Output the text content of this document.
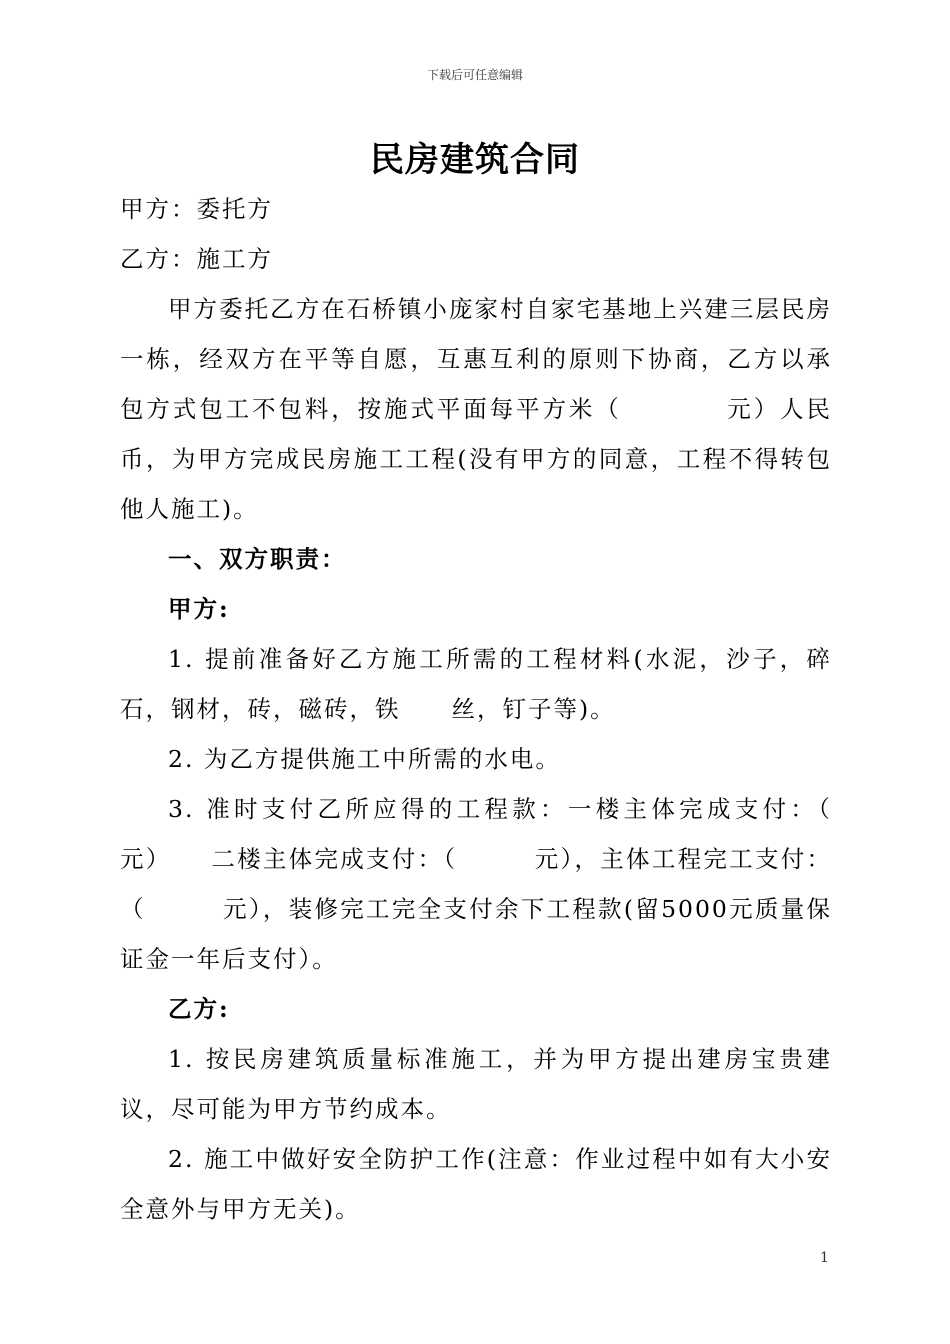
下载后可任意编辑
民房建筑合同

甲方：委托方

乙方：施工方

甲方委托乙方在石桥镇小庞家村自家宅基地上兴建三层民房一栋，经双方在平等自愿，互惠互利的原则下协商，乙方以承包方式包工不包料，按施式平面每平方米（　　　　元）人民币，为甲方完成民房施工工程(没有甲方的同意，工程不得转包他人施工)。

一、双方职责：

甲方:

1. 提前准备好乙方施工所需的工程材料(水泥，沙子，碎石，钢材，砖，磁砖，铁　　丝，钉子等)。

2. 为乙方提供施工中所需的水电。

3. 准时支付乙所应得的工程款：一楼主体完成支付：（　　元）　　二楼主体完成支付：（　　　元），主体工程完工支付：（　　　元），装修完工完全支付余下工程款(留5000元质量保证金一年后支付）。

乙方:

1. 按民房建筑质量标准施工，并为甲方提出建房宝贵建议，尽可能为甲方节约成本。

2. 施工中做好安全防护工作(注意：作业过程中如有大小安全意外与甲方无关)。

1
